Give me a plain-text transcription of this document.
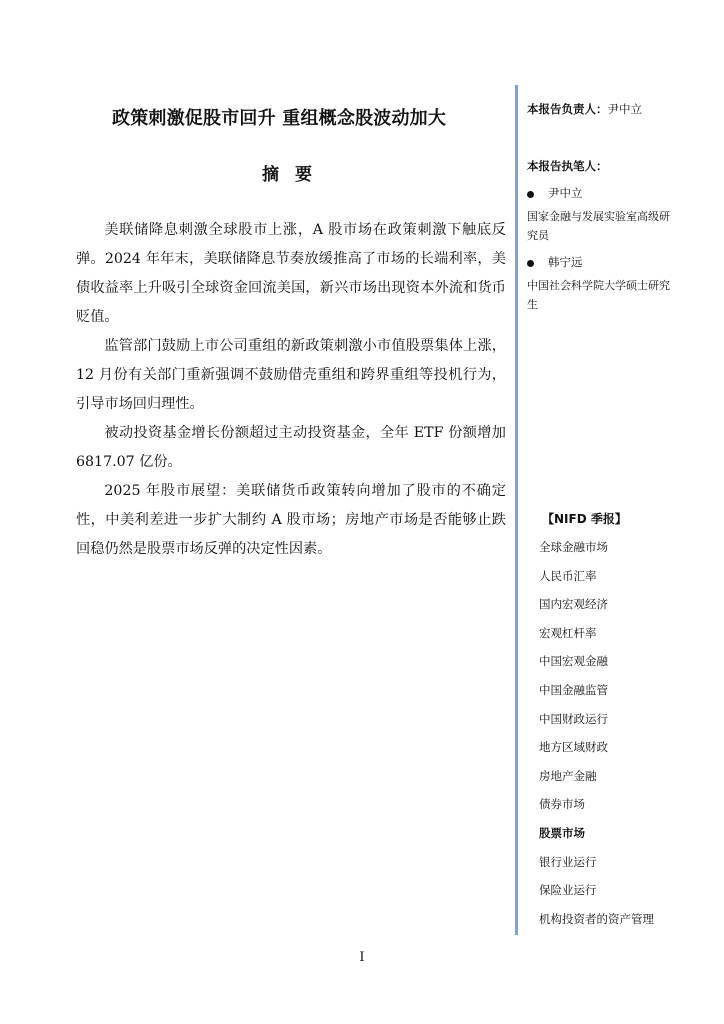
政策刺激促股市回升 重组概念股波动加大
摘要

美联储降息刺激全球股市上涨，A 股市场在政策刺激下触底反弹。2024 年年末，美联储降息节奏放缓推高了市场的长端利率，美债收益率上升吸引全球资金回流美国，新兴市场出现资本外流和货币贬值。

监管部门鼓励上市公司重组的新政策刺激小市值股票集体上涨，12 月份有关部门重新强调不鼓励借壳重组和跨界重组等投机行为，引导市场回归理性。

被动投资基金增长份额超过主动投资基金，全年 ETF 份额增加 6817.07 亿份。

2025 年股市展望：美联储货币政策转向增加了股市的不确定性，中美利差进一步扩大制约 A 股市场；房地产市场是否能够止跌回稳仍然是股票市场反弹的决定性因素。

本报告负责人：尹中立
本报告执笔人：
尹中立
国家金融与发展实验室高级研究员
韩宁远
中国社会科学院大学硕士研究生
【NIFD 季报】
全球金融市场
人民币汇率
国内宏观经济
宏观杠杆率
中国宏观金融
中国金融监管
中国财政运行
地方区域财政
房地产金融
债券市场
股票市场
银行业运行
保险业运行
机构投资者的资产管理
I
